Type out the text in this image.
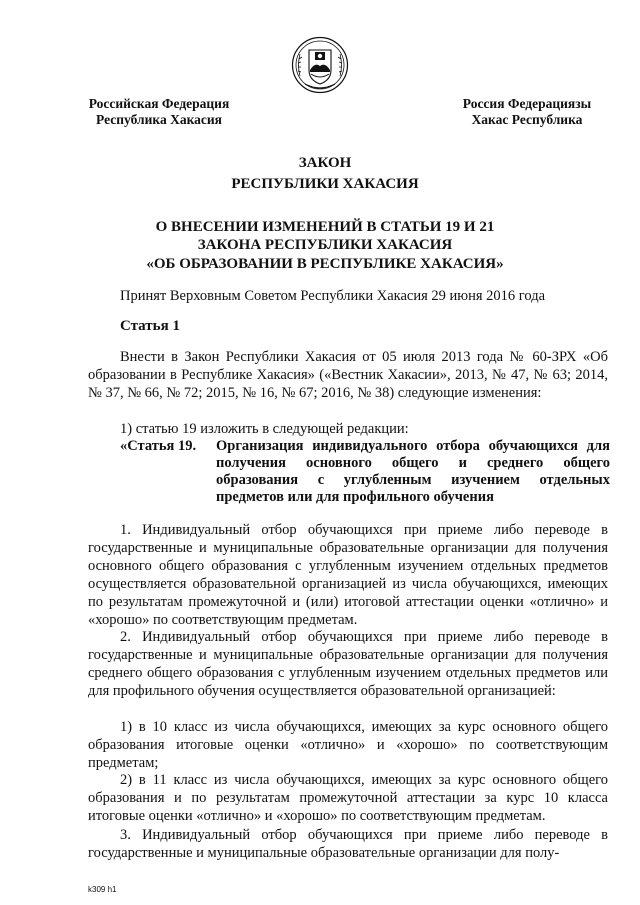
Российская Федерация
Республика Хакасия
Россия Федерациязы
Хакас Республика
ЗАКОН
РЕСПУБЛИКИ ХАКАСИЯ
О ВНЕСЕНИИ ИЗМЕНЕНИЙ В СТАТЬИ 19 И 21
ЗАКОНА РЕСПУБЛИКИ ХАКАСИЯ
«ОБ ОБРАЗОВАНИИ В РЕСПУБЛИКЕ ХАКАСИЯ»

Принят Верховным Советом Республики Хакасия 29 июня 2016 года

Статья 1

Внести в Закон Республики Хакасия от 05 июля 2013 года № 60-ЗРХ «Об образовании в Республике Хакасия» («Вестник Хакасии», 2013, № 47, № 63; 2014, № 37, № 66, № 72; 2015, № 16, № 67; 2016, № 38) следующие изменения:

1) статью 19 изложить в следующей редакции:

«Статья 19.	Организация индивидуального отбора обучающихся для получения основного общего и среднего общего образования с углубленным изучением отдельных предметов или для профильного обучения

1. Индивидуальный отбор обучающихся при приеме либо переводе в государственные и муниципальные образовательные организации для получения основного общего образования с углубленным изучением отдельных предметов осуществляется образовательной организацией из числа обучающихся, имеющих по результатам промежуточной и (или) итоговой аттестации оценки «отлично» и «хорошо» по соответствующим предметам.

2. Индивидуальный отбор обучающихся при приеме либо переводе в государственные и муниципальные образовательные организации для получения среднего общего образования с углубленным изучением отдельных предметов или для профильного обучения осуществляется образовательной организацией:

1) в 10 класс из числа обучающихся, имеющих за курс основного общего образования итоговые оценки «отлично» и «хорошо» по соответствующим предметам;

2) в 11 класс из числа обучающихся, имеющих за курс основного общего образования и по результатам промежуточной аттестации за курс 10 класса итоговые оценки «отлично» и «хорошо» по соответствующим предметам.

3. Индивидуальный отбор обучающихся при приеме либо переводе в государственные и муниципальные образовательные организации для полу-

k309 h1
